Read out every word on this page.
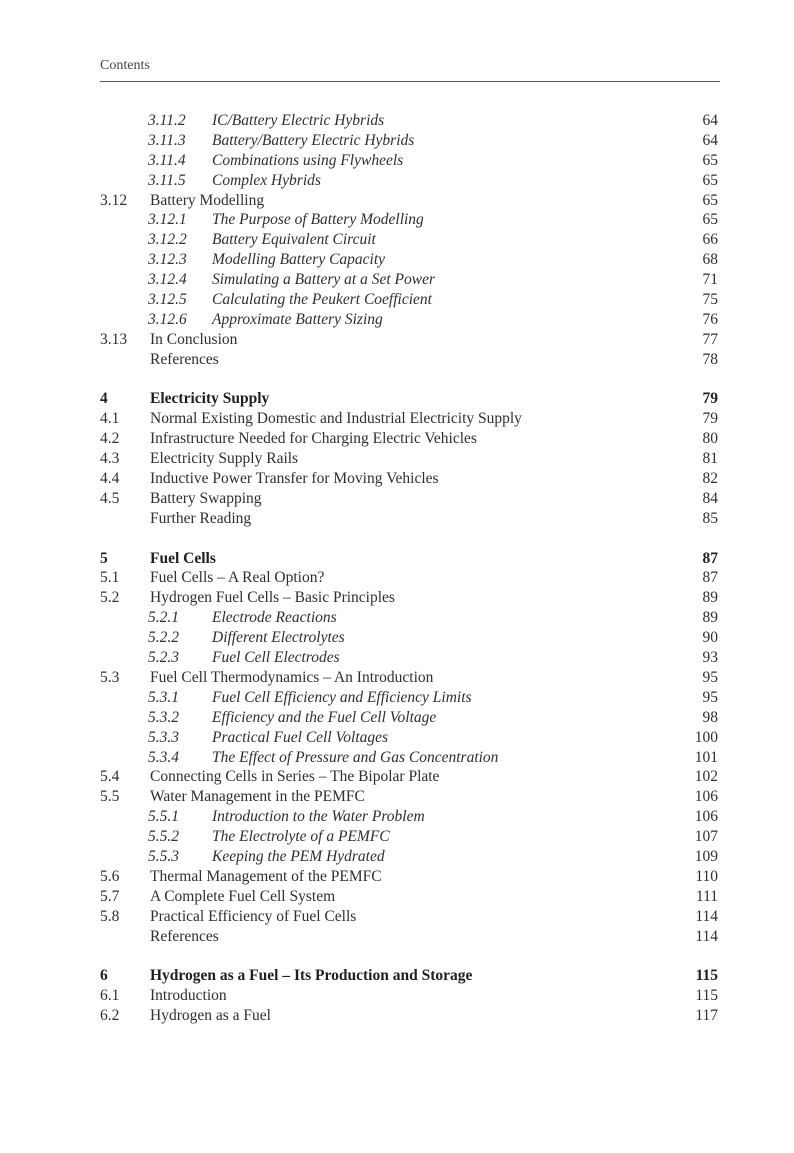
Contents
3.11.2 IC/Battery Electric Hybrids	64
3.11.3 Battery/Battery Electric Hybrids	64
3.11.4 Combinations using Flywheels	65
3.11.5 Complex Hybrids	65
3.12 Battery Modelling	65
3.12.1 The Purpose of Battery Modelling	65
3.12.2 Battery Equivalent Circuit	66
3.12.3 Modelling Battery Capacity	68
3.12.4 Simulating a Battery at a Set Power	71
3.12.5 Calculating the Peukert Coefficient	75
3.12.6 Approximate Battery Sizing	76
3.13 In Conclusion	77
References	78
4	Electricity Supply	79
4.1 Normal Existing Domestic and Industrial Electricity Supply	79
4.2 Infrastructure Needed for Charging Electric Vehicles	80
4.3 Electricity Supply Rails	81
4.4 Inductive Power Transfer for Moving Vehicles	82
4.5 Battery Swapping	84
Further Reading	85
5	Fuel Cells	87
5.1 Fuel Cells – A Real Option?	87
5.2 Hydrogen Fuel Cells – Basic Principles	89
5.2.1 Electrode Reactions	89
5.2.2 Different Electrolytes	90
5.2.3 Fuel Cell Electrodes	93
5.3 Fuel Cell Thermodynamics – An Introduction	95
5.3.1 Fuel Cell Efficiency and Efficiency Limits	95
5.3.2 Efficiency and the Fuel Cell Voltage	98
5.3.3 Practical Fuel Cell Voltages	100
5.3.4 The Effect of Pressure and Gas Concentration	101
5.4 Connecting Cells in Series – The Bipolar Plate	102
5.5 Water Management in the PEMFC	106
5.5.1 Introduction to the Water Problem	106
5.5.2 The Electrolyte of a PEMFC	107
5.5.3 Keeping the PEM Hydrated	109
5.6 Thermal Management of the PEMFC	110
5.7 A Complete Fuel Cell System	111
5.8 Practical Efficiency of Fuel Cells	114
References	114
6	Hydrogen as a Fuel – Its Production and Storage	115
6.1 Introduction	115
6.2 Hydrogen as a Fuel	117
